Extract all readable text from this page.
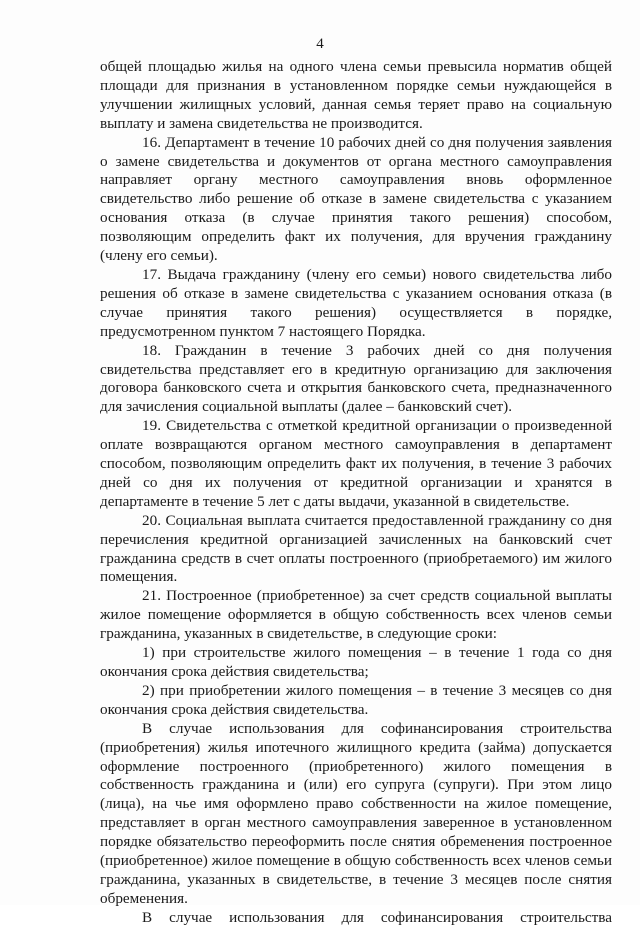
4

общей площадью жилья на одного члена семьи превысила норматив общей площади для признания в установленном порядке семьи нуждающейся в улучшении жилищных условий, данная семья теряет право на социальную выплату и замена свидетельства не производится.

16. Департамент в течение 10 рабочих дней со дня получения заявления о замене свидетельства и документов от органа местного самоуправления направляет органу местного самоуправления вновь оформленное свидетельство либо решение об отказе в замене свидетельства с указанием основания отказа (в случае принятия такого решения) способом, позволяющим определить факт их получения, для вручения гражданину (члену его семьи).

17. Выдача гражданину (члену его семьи) нового свидетельства либо решения об отказе в замене свидетельства с указанием основания отказа (в случае принятия такого решения) осуществляется в порядке, предусмотренном пунктом 7 настоящего Порядка.

18. Гражданин в течение 3 рабочих дней со дня получения свидетельства представляет его в кредитную организацию для заключения договора банковского счета и открытия банковского счета, предназначенного для зачисления социальной выплаты (далее – банковский счет).

19. Свидетельства с отметкой кредитной организации о произведенной оплате возвращаются органом местного самоуправления в департамент способом, позволяющим определить факт их получения, в течение 3 рабочих дней со дня их получения от кредитной организации и хранятся в департаменте в течение 5 лет с даты выдачи, указанной в свидетельстве.

20. Социальная выплата считается предоставленной гражданину со дня перечисления кредитной организацией зачисленных на банковский счет гражданина средств в счет оплаты построенного (приобретаемого) им жилого помещения.

21. Построенное (приобретенное) за счет средств социальной выплаты жилое помещение оформляется в общую собственность всех членов семьи гражданина, указанных в свидетельстве, в следующие сроки:

1) при строительстве жилого помещения – в течение 1 года со дня окончания срока действия свидетельства;

2) при приобретении жилого помещения – в течение 3 месяцев со дня окончания срока действия свидетельства.

В случае использования для софинансирования строительства (приобретения) жилья ипотечного жилищного кредита (займа) допускается оформление построенного (приобретенного) жилого помещения в собственность гражданина и (или) его супруга (супруги). При этом лицо (лица), на чье имя оформлено право собственности на жилое помещение, представляет в орган местного самоуправления заверенное в установленном порядке обязательство переоформить после снятия обременения построенное (приобретенное) жилое помещение в общую собственность всех членов семьи гражданина, указанных в свидетельстве, в течение 3 месяцев после снятия обременения.

В случае использования для софинансирования строительства
